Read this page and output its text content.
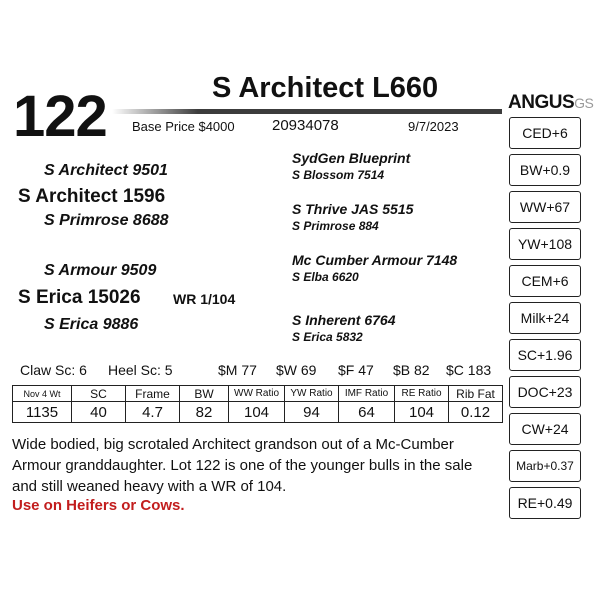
122	S Architect L660
Base Price $4000 20934078	9/7/2023
ANGUSGS
CED+6
BW+0.9
WW+67
YW+108
CEM+6
Milk+24
SC+1.96
DOC+23
CW+24
Marb+0.37
RE+0.49
S Architect 9501
S Architect 1596
S Primrose 8688
S Armour 9509
S Erica 15026 WR 1/104
S Erica 9886
SydGen Blueprint
S Blossom 7514
S Thrive JAS 5515
S Primrose 884
Mc Cumber Armour 7148
S Elba 6620
S Inherent 6764
S Erica 5832
Claw Sc: 6 Heel Sc: 5	$M 77 $W 69 $F 47 $B 82 $C 183
Nov 4 Wt	SC	Frame	BW	WW Ratio	YW Ratio	IMF Ratio	RE Ratio	Rib Fat
1135	40	4.7	82	104	94	64	104	0.12
Wide bodied, big scrotaled Architect grandson out of a Mc-Cumber Armour granddaughter. Lot 122 is one of the younger bulls in the sale and still weaned heavy with a WR of 104.
Use on Heifers or Cows.
